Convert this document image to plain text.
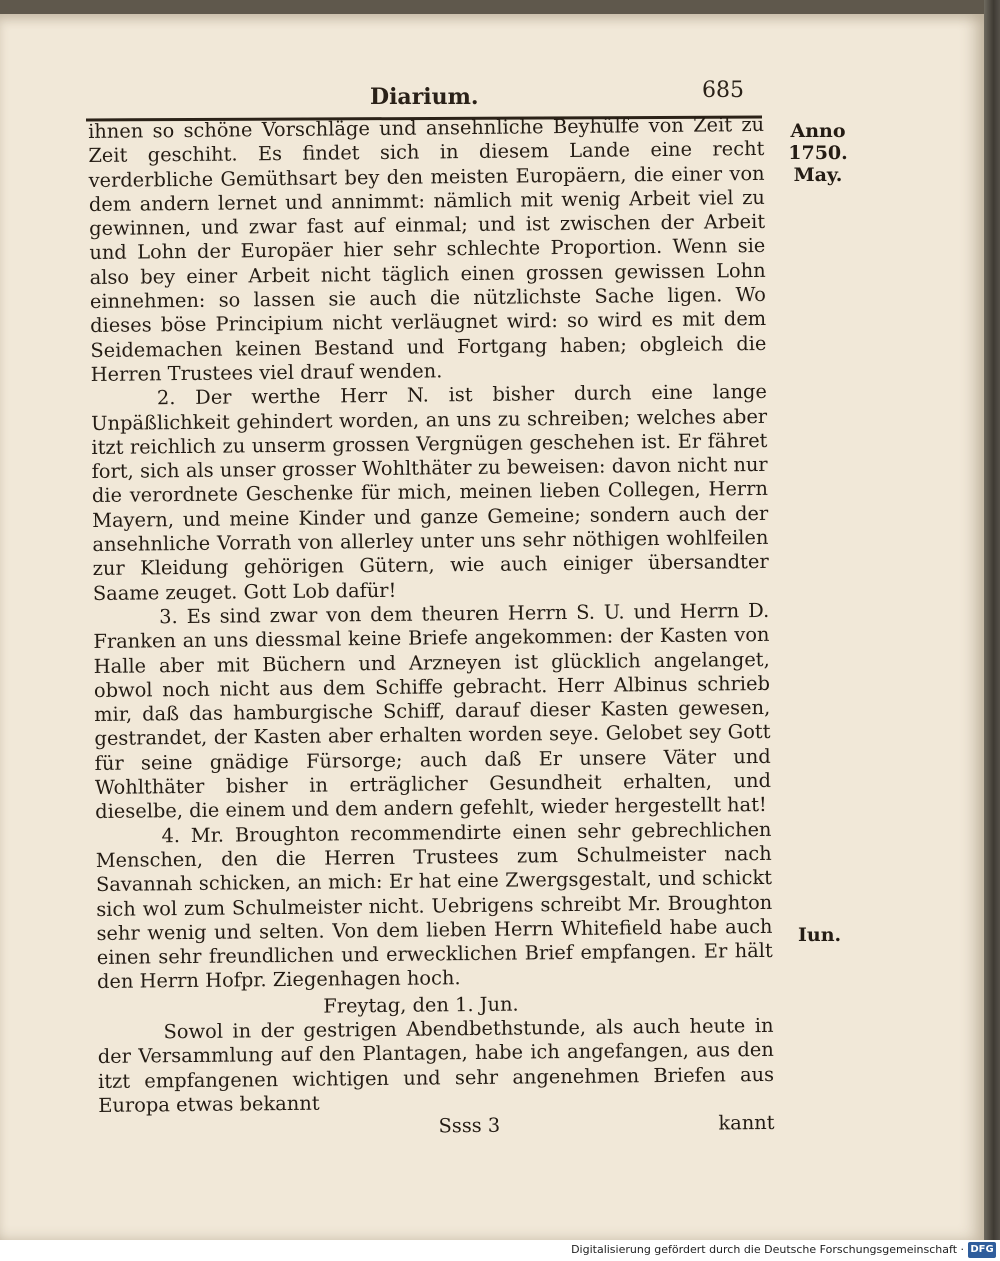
Diarium.	685

ihnen so schöne Vorschläge und ansehnliche Beyhülfe von Zeit zu Zeit geschiht. Es findet sich in diesem Lande eine recht verderbliche Gemüthsart bey den meisten Europäern, die einer von dem andern lernet und annimmt: nämlich mit wenig Arbeit viel zu gewinnen, und zwar fast auf einmal; und ist zwischen der Arbeit und Lohn der Europäer hier sehr schlechte Proportion. Wenn sie also bey einer Arbeit nicht täglich einen grossen gewissen Lohn einnehmen: so lassen sie auch die nützlichste Sache ligen. Wo dieses böse Principium nicht verläugnet wird: so wird es mit dem Seidemachen keinen Bestand und Fortgang haben; obgleich die Herren Trustees viel drauf wenden.

2. Der werthe Herr N. ist bisher durch eine lange Unpäßlichkeit gehindert worden, an uns zu schreiben; welches aber itzt reichlich zu unserm grossen Vergnügen geschehen ist. Er fähret fort, sich als unser grosser Wohlthäter zu beweisen: davon nicht nur die verordnete Geschenke für mich, meinen lieben Collegen, Herrn Mayern, und meine Kinder und ganze Gemeine; sondern auch der ansehnliche Vorrath von allerley unter uns sehr nöthigen wohlfeilen zur Kleidung gehörigen Gütern, wie auch einiger übersandter Saame zeuget. Gott Lob dafür!

3. Es sind zwar von dem theuren Herrn S. U. und Herrn D. Franken an uns diessmal keine Briefe angekommen: der Kasten von Halle aber mit Büchern und Arzneyen ist glücklich angelanget, obwol noch nicht aus dem Schiffe gebracht. Herr Albinus schrieb mir, daß das hamburgische Schiff, darauf dieser Kasten gewesen, gestrandet, der Kasten aber erhalten worden seye. Gelobet sey Gott für seine gnädige Fürsorge; auch daß Er unsere Väter und Wohlthäter bisher in erträglicher Gesundheit erhalten, und dieselbe, die einem und dem andern gefehlt, wieder hergestellt hat!

4. Mr. Broughton recommendirte einen sehr gebrechlichen Menschen, den die Herren Trustees zum Schulmeister nach Savannah schicken, an mich: Er hat eine Zwergsgestalt, und schickt sich wol zum Schulmeister nicht. Uebrigens schreibt Mr. Broughton sehr wenig und selten. Von dem lieben Herrn Whitefield habe auch einen sehr freundlichen und erwecklichen Brief empfangen. Er hält den Herrn Hofpr. Ziegenhagen hoch.

Freytag, den 1. Jun.

Sowol in der gestrigen Abendbethstunde, als auch heute in der Versammlung auf den Plantagen, habe ich angefangen, aus den itzt empfangenen wichtigen und sehr angenehmen Briefen aus Europa etwas bekannt

Ssss 3	kannt
Anno
1750.
May.
Iun.
Digitalisierung gefördert durch die Deutsche Forschungsgemeinschaft · DFG
